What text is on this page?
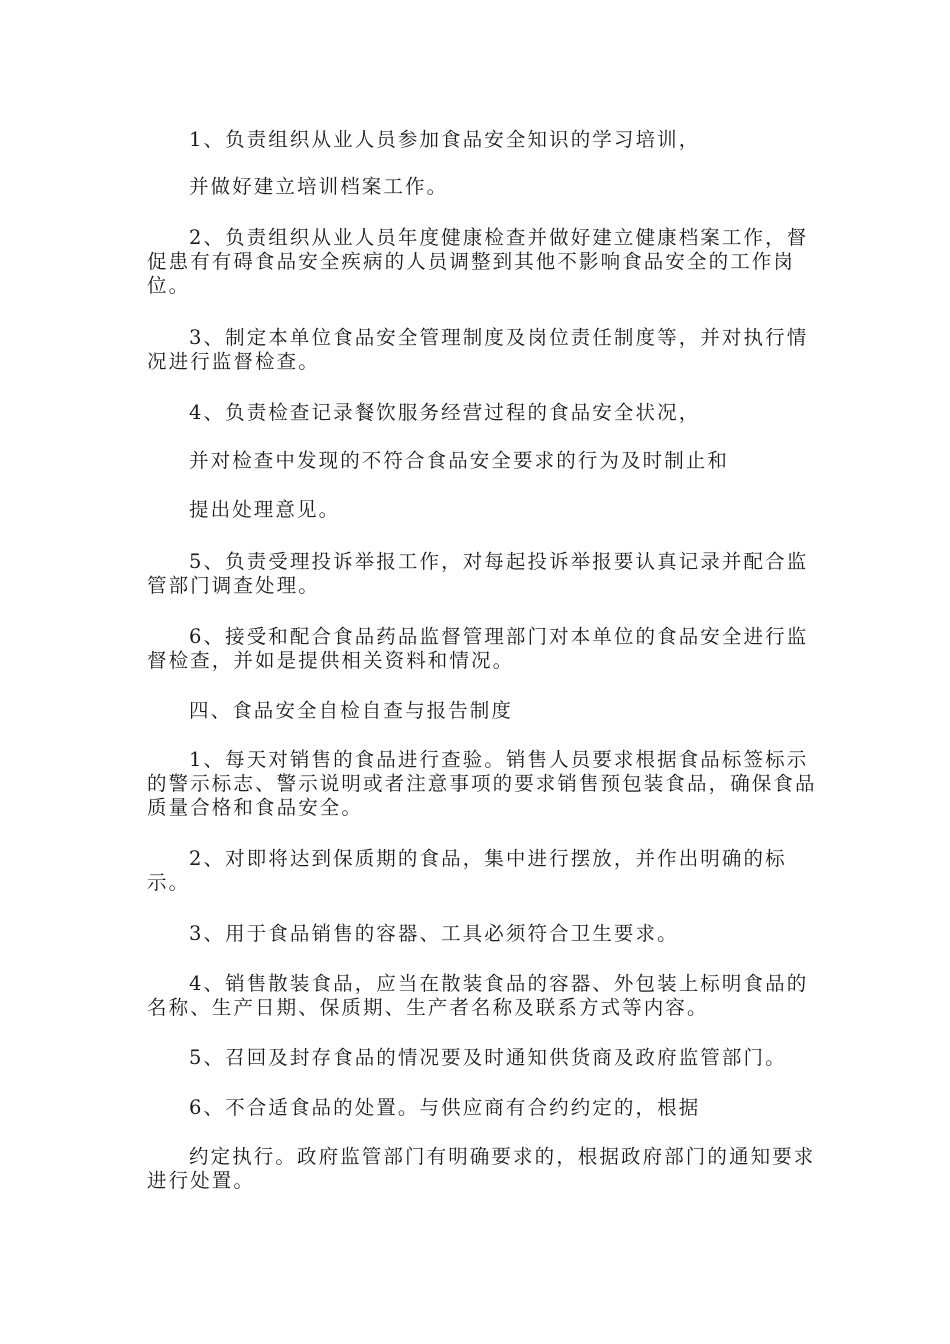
1、负责组织从业人员参加食品安全知识的学习培训，

并做好建立培训档案工作。

2、负责组织从业人员年度健康检查并做好建立健康档案工作，督促患有有碍食品安全疾病的人员调整到其他不影响食品安全的工作岗位。

3、制定本单位食品安全管理制度及岗位责任制度等，并对执行情况进行监督检查。

4、负责检查记录餐饮服务经营过程的食品安全状况，

并对检查中发现的不符合食品安全要求的行为及时制止和

提出处理意见。

5、负责受理投诉举报工作，对每起投诉举报要认真记录并配合监管部门调查处理。

6、接受和配合食品药品监督管理部门对本单位的食品安全进行监督检查，并如是提供相关资料和情况。

四、食品安全自检自查与报告制度

1、每天对销售的食品进行查验。销售人员要求根据食品标签标示的警示标志、警示说明或者注意事项的要求销售预包装食品，确保食品质量合格和食品安全。

2、对即将达到保质期的食品，集中进行摆放，并作出明确的标示。

3、用于食品销售的容器、工具必须符合卫生要求。

4、销售散装食品，应当在散装食品的容器、外包装上标明食品的名称、生产日期、保质期、生产者名称及联系方式等内容。

5、召回及封存食品的情况要及时通知供货商及政府监管部门。

6、不合适食品的处置。与供应商有合约约定的，根据

约定执行。政府监管部门有明确要求的，根据政府部门的通知要求进行处置。
